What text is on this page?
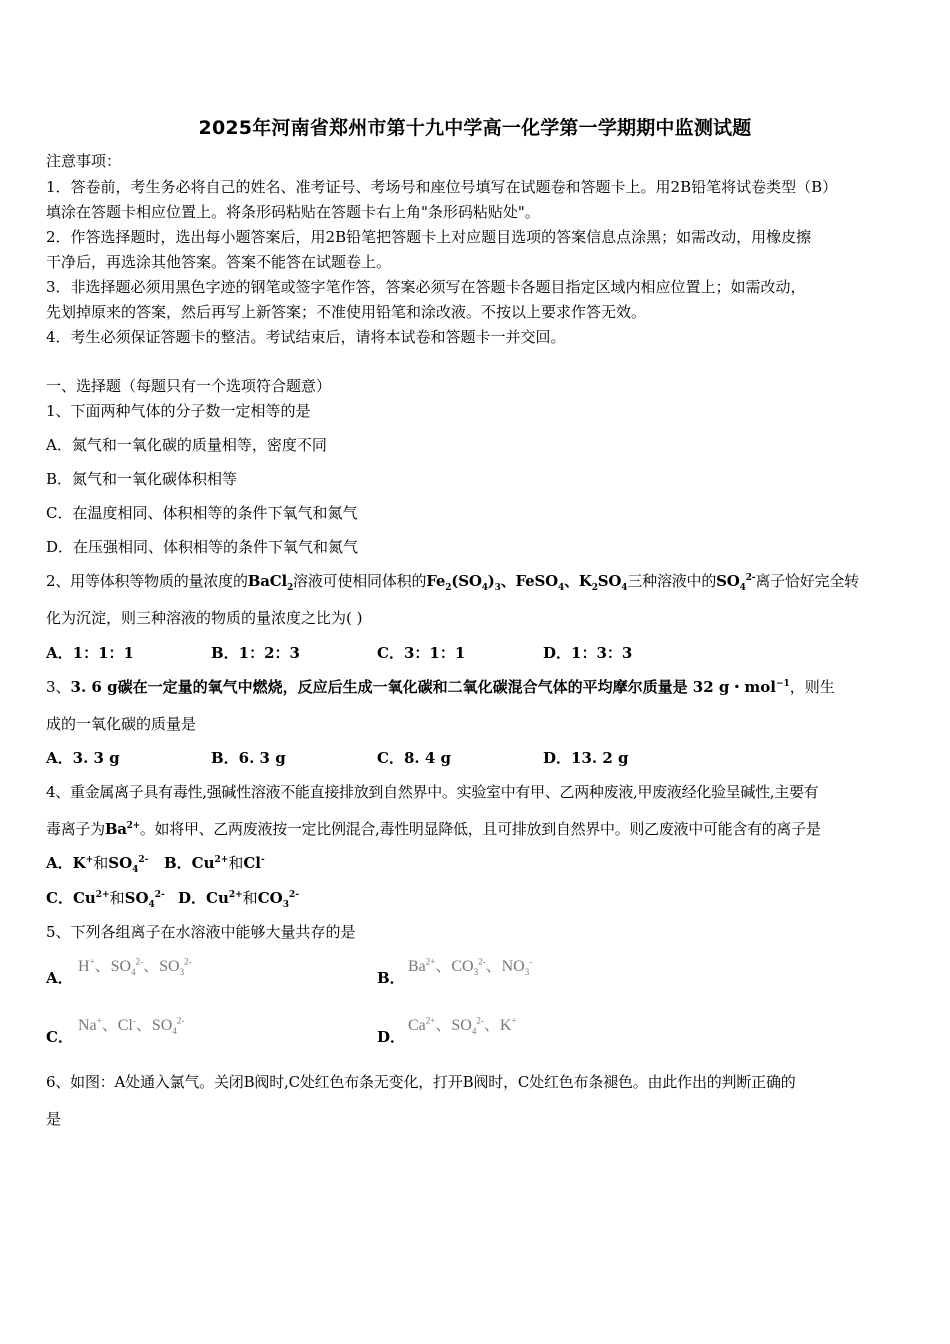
2025年河南省郑州市第十九中学高一化学第一学期期中监测试题
注意事项：
1．答卷前，考生务必将自己的姓名、准考证号、考场号和座位号填写在试题卷和答题卡上。用2B铅笔将试卷类型（B）
填涂在答题卡相应位置上。将条形码粘贴在答题卡右上角"条形码粘贴处"。
2．作答选择题时，选出每小题答案后，用2B铅笔把答题卡上对应题目选项的答案信息点涂黑；如需改动，用橡皮擦
干净后，再选涂其他答案。答案不能答在试题卷上。
3．非选择题必须用黑色字迹的钢笔或签字笔作答，答案必须写在答题卡各题目指定区域内相应位置上；如需改动，
先划掉原来的答案，然后再写上新答案；不准使用铅笔和涂改液。不按以上要求作答无效。
4．考生必须保证答题卡的整洁。考试结束后，请将本试卷和答题卡一并交回。
一、选择题（每题只有一个选项符合题意）
1、下面两种气体的分子数一定相等的是
A．氮气和一氧化碳的质量相等，密度不同
B．氮气和一氧化碳体积相等
C．在温度相同、体积相等的条件下氧气和氮气
D．在压强相同、体积相等的条件下氧气和氮气
2、用等体积等物质的量浓度的BaCl$_2$溶液可使相同体积的$Fe_2(SO_4)_3$、FeSO$_4$、$K_2SO_4$三种溶液中的$SO_4^{2-}$离子恰好完全转
化为沉淀，则三种溶液的物质的量浓度之比为( )
A．1：1：1	B．1：2：3	C．3：1：1	D．1：3：3
3、3. 6 g碳在一定量的氧气中燃烧，反应后生成一氧化碳和二氧化碳混合气体的平均摩尔质量是 32 g・mol$^{-1}$，则生
成的一氧化碳的质量是
A．3. 3 g	B．6. 3 g	C．8. 4 g	D．13. 2 g
4、重金属离子具有毒性,强碱性溶液不能直接排放到自然界中。实验室中有甲、乙两种废液,甲废液经化验呈碱性,主要有
毒离子为$Ba^{2+}$。如将甲、乙两废液按一定比例混合,毒性明显降低，且可排放到自然界中。则乙废液中可能含有的离子是
A．K+和$SO_4^{2-}$ B．$Cu^{2+}$和Cl-
C．$Cu^{2+}$和$SO_4^{2-}$ D．$Cu^{2+}$和$CO_3^{2-}$
5、下列各组离子在水溶液中能够大量共存的是
A．
H+、$SO_4^{2-}$、$SO_3^{2-}$
B．
$Ba^{2+}$、$CO_3^{2-}$、$NO_3^-$
C．
Na+、Cl-、$SO_4^{2-}$
D．
$Ca^{2+}$、$SO_4^{2-}$、K+
6、如图：A处通入氯气。关闭B阀时,C处红色布条无变化，打开B阀时，C处红色布条褪色。由此作出的判断正确的
是
